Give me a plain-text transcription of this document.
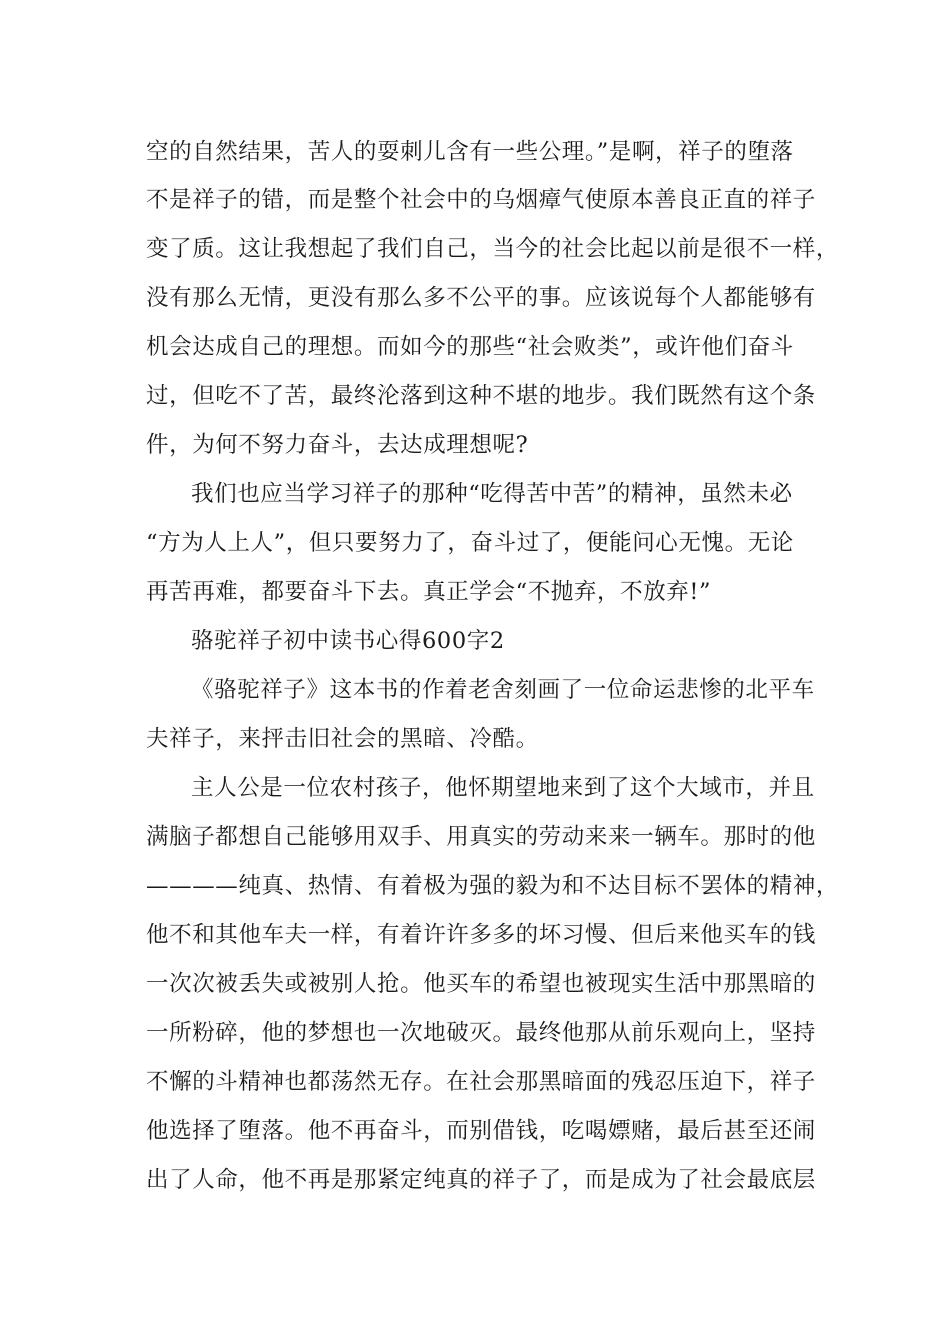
空的自然结果，苦人的耍刺儿含有一些公理。”是啊，祥子的堕落
不是祥子的错，而是整个社会中的乌烟瘴气使原本善良正直的祥子
变了质。这让我想起了我们自己，当今的社会比起以前是很不一样，
没有那么无情，更没有那么多不公平的事。应该说每个人都能够有
机会达成自己的理想。而如今的那些“社会败类”，或许他们奋斗
过，但吃不了苦，最终沦落到这种不堪的地步。我们既然有这个条
件，为何不努力奋斗，去达成理想呢?
我们也应当学习祥子的那种“吃得苦中苦”的精神，虽然未必
“方为人上人”，但只要努力了，奋斗过了，便能问心无愧。无论
再苦再难，都要奋斗下去。真正学会“不抛弃，不放弃!”
骆驼祥子初中读书心得600字2
《骆驼祥子》这本书的作着老舍刻画了一位命运悲惨的北平车
夫祥子，来抨击旧社会的黑暗、冷酷。
主人公是一位农村孩子，他怀期望地来到了这个大域市，并且
满脑子都想自己能够用双手、用真实的劳动来来一辆车。那时的他
————纯真、热情、有着极为强的毅为和不达目标不罢体的精神，
他不和其他车夫一样，有着许许多多的坏习慢、但后来他买车的钱
一次次被丢失或被别人抢。他买车的希望也被现实生活中那黑暗的
一所粉碎，他的梦想也一次地破灭。最终他那从前乐观向上，坚持
不懈的斗精神也都荡然无存。在社会那黑暗面的残忍压迫下，祥子
他选择了堕落。他不再奋斗，而别借钱，吃喝嫖赌，最后甚至还闹
出了人命，他不再是那紧定纯真的祥子了，而是成为了社会最底层
